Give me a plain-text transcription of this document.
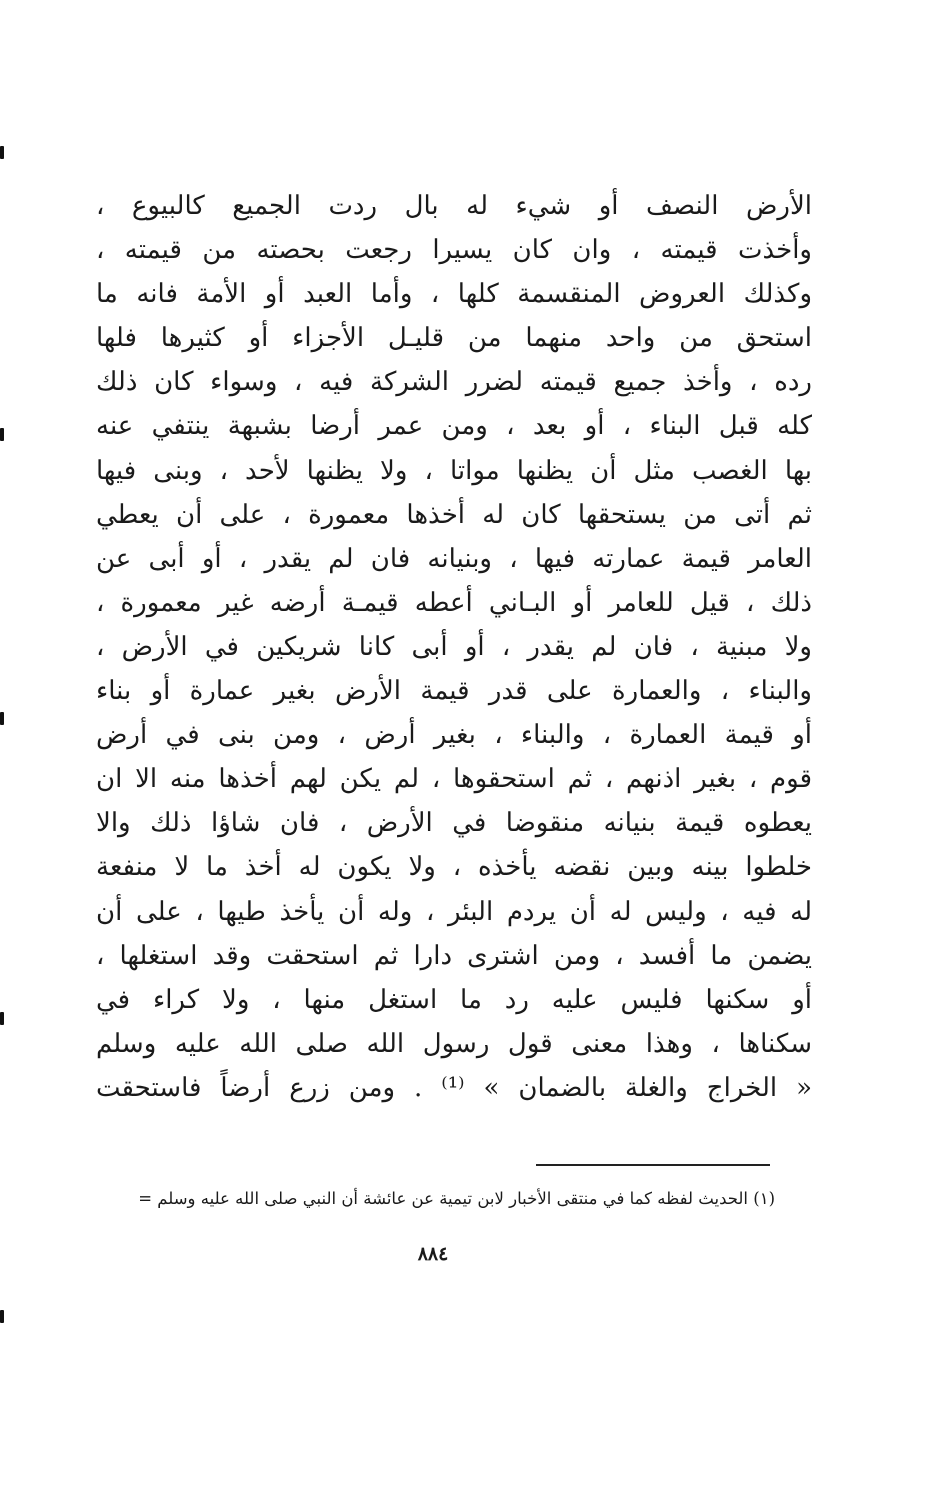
الأرض النصف أو شيء له بال ردت الجميع كالبيوع ،
وأخذت قيمته ، وان كان يسيرا رجعت بحصته من قيمته ،
وكذلك العروض المنقسمة كلها ، وأما العبد أو الأمة فانه ما
استحق من واحد منهما من قليـل الأجزاء أو كثيرها فلها
رده ، وأخذ جميع قيمته لضرر الشركة فيه ، وسواء كان ذلك
كله قبل البناء ، أو بعد ، ومن عمر أرضا بشبهة ينتفي عنه
بها الغصب مثل أن يظنها مواتا ، ولا يظنها لأحد ، وبنى فيها
ثم أتى من يستحقها كان له أخذها معمورة ، على أن يعطي
العامر قيمة عمارته فيها ، وبنيانه فان لم يقدر ، أو أبى عن
ذلك ، قيل للعامر أو البـاني أعطه قيمـة أرضه غير معمورة ،
ولا مبنية ، فان لم يقدر ، أو أبى كانا شريكين في الأرض ،
والبناء ، والعمارة على قدر قيمة الأرض بغير عمارة أو بناء
أو قيمة العمارة ، والبناء ، بغير أرض ، ومن بنى في أرض
قوم ، بغير اذنهم ، ثم استحقوها ، لم يكن لهم أخذها منه الا ان
يعطوه قيمة بنيانه منقوضا في الأرض ، فان شاؤا ذلك والا
خلطوا بينه وبين نقضه يأخذه ، ولا يكون له أخذ ما لا منفعة
له فيه ، وليس له أن يردم البئر ، وله أن يأخذ طيها ، على أن
يضمن ما أفسد ، ومن اشترى دارا ثم استحقت وقد استغلها ،
أو سكنها فليس عليه رد ما استغل منها ، ولا كراء في
سكناها ، وهذا معنى قول رسول الله صلى الله عليه وسلم
« الخراج والغلة بالضمان » ⁽¹⁾ . ومن زرع أرضاً فاستحقت
(١) الحديث لفظه كما في منتقى الأخبار لابن تيمية عن عائشة أن النبي صلى الله عليه وسلم =
٨٨٤
